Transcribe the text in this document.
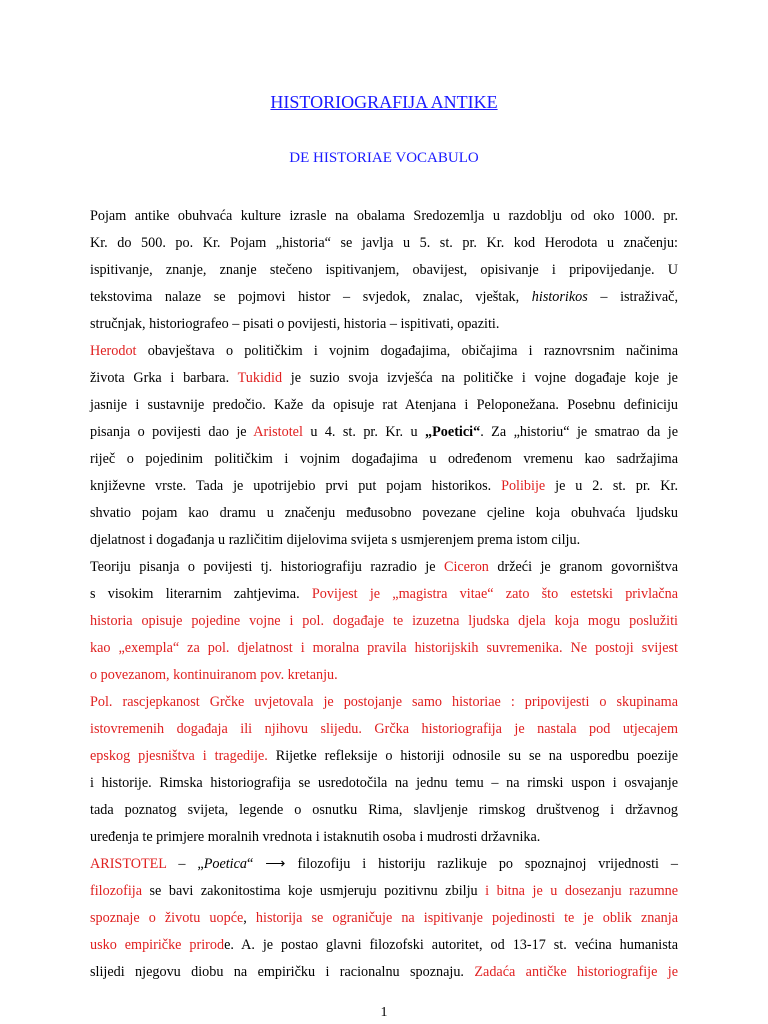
HISTORIOGRAFIJA ANTIKE
DE HISTORIAE VOCABULO
Pojam antike obuhvaća kulture izrasle na obalama Sredozemlja u razdoblju od oko 1000. pr.
Kr. do 500. po. Kr. Pojam „historia“ se javlja u 5. st. pr. Kr. kod Herodota u značenju:
ispitivanje, znanje, znanje stečeno ispitivanjem, obavijest, opisivanje i pripovijedanje. U
tekstovima nalaze se pojmovi histor – svjedok, znalac, vještak, historikos – istraživač,
stručnjak, historiografeo – pisati o povijesti, historia – ispitivati, opaziti.
Herodot obavještava o političkim i vojnim događajima, običajima i raznovrsnim načinima
života Grka i barbara. Tukidid je suzio svoja izvješća na političke i vojne događaje koje je
jasnije i sustavnije predočio. Kaže da opisuje rat Atenjana i Peloponežana. Posebnu definiciju
pisanja o povijesti dao je Aristotel u 4. st. pr. Kr. u „Poetici“. Za „historiu“ je smatrao da je
riječ o pojedinim političkim i vojnim događajima u određenom vremenu kao sadržajima
književne vrste. Tada je upotrijebio prvi put pojam historikos. Polibije je u 2. st. pr. Kr.
shvatio pojam kao dramu u značenju međusobno povezane cjeline koja obuhvaća ljudsku
djelatnost i događanja u različitim dijelovima svijeta s usmjerenjem prema istom cilju.
Teoriju pisanja o povijesti tj. historiografiju razradio je Ciceron držeći je granom govorništva
s visokim literarnim zahtjevima. Povijest je „magistra vitae“ zato što estetski privlačna
historia opisuje pojedine vojne i pol. događaje te izuzetna ljudska djela koja mogu poslužiti
kao „exempla“ za pol. djelatnost i moralna pravila historijskih suvremenika. Ne postoji svijest
o povezanom, kontinuiranom pov. kretanju.
Pol. rascjepkanost Grčke uvjetovala je postojanje samo historiae : pripovijesti o skupinama
istovremenih događaja ili njihovu slijedu. Grčka historiografija je nastala pod utjecajem
epskog pjesništva i tragedije. Rijetke refleksije o historiji odnosile su se na usporedbu poezije
i historije. Rimska historiografija se usredotočila na jednu temu – na rimski uspon i osvajanje
tada poznatog svijeta, legende o osnutku Rima, slavljenje rimskog društvenog i državnog
uređenja te primjere moralnih vrednota i istaknutih osoba i mudrosti državnika.
ARISTOTEL – „Poetica“ ⟶ filozofiju i historiju razlikuje po spoznajnoj vrijednosti –
filozofija se bavi zakonitostima koje usmjeruju pozitivnu zbilju i bitna je u dosezanju razumne
spoznaje o životu uopće, historija se ograničuje na ispitivanje pojedinosti te je oblik znanja
usko empiričke prirode. A. je postao glavni filozofski autoritet, od 13-17 st. većina humanista
slijedi njegovu diobu na empiričku i racionalnu spoznaju. Zadaća antičke historiografije je
1
